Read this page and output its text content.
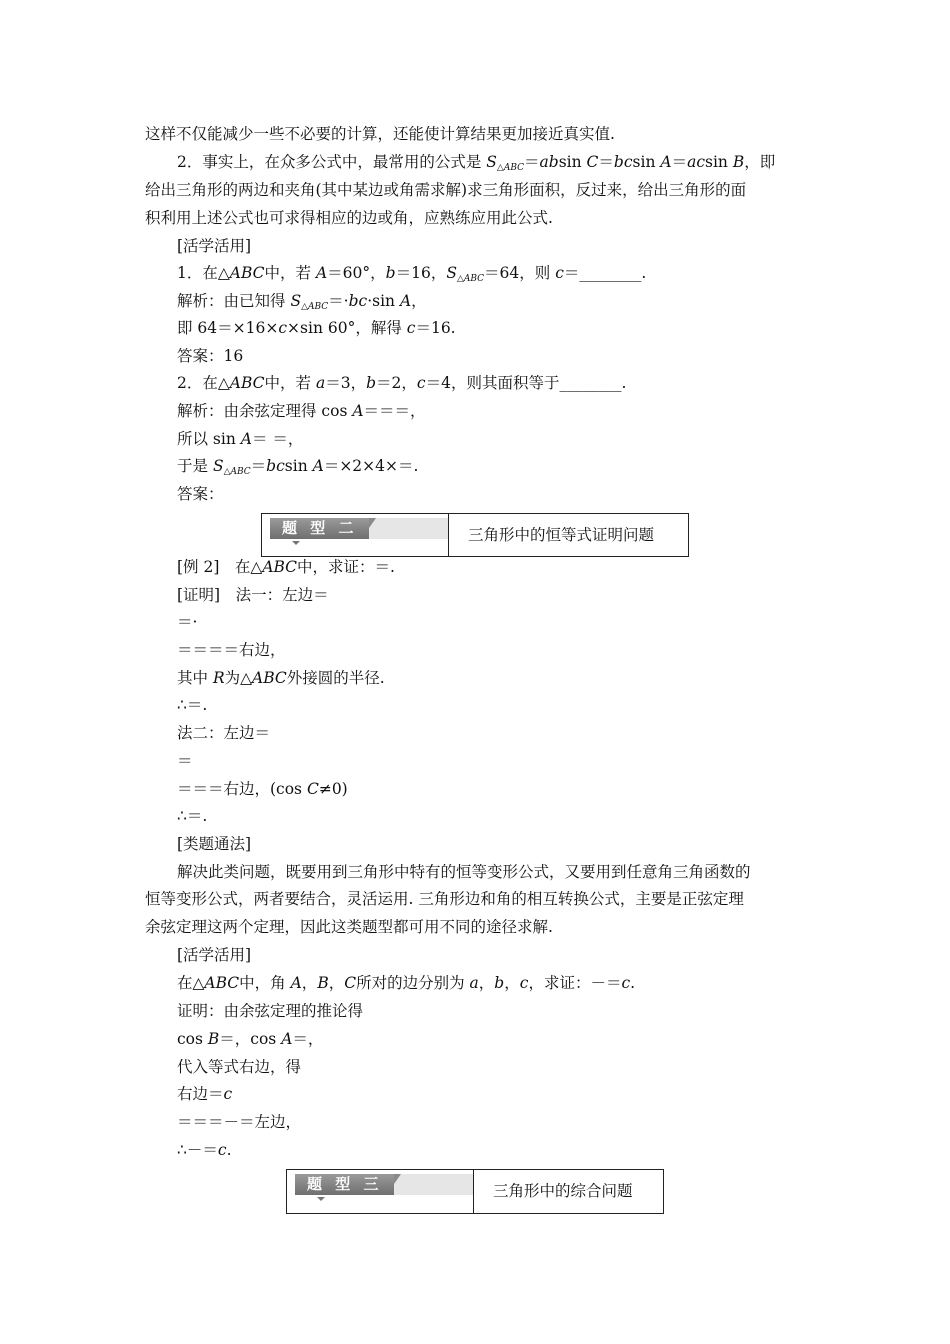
这样不仅能减少一些不必要的计算，还能使计算结果更加接近真实值.
2．事实上，在众多公式中，最常用的公式是 $S_{\triangle ABC}=absin$ C＝bcsin A＝acsin B，即
给出三角形的两边和夹角(其中某边或角需求解)求三角形面积，反过来，给出三角形的面
积利用上述公式也可求得相应的边或角，应熟练应用此公式.
[活学活用]
1．在△ABC中，若 A＝60°，b＝16，$S_{\triangle ABC}=64$，则 c＝________.
解析：由已知得 $S_{\triangle ABC}=\cdot bc\cdot\sin$ A，
即 64＝×16×c×sin 60°，解得 c＝16.
答案：16
2．在△ABC中，若 a＝3，b＝2，c＝4，则其面积等于________.
解析：由余弦定理得 cos A＝＝＝，
所以 sin A＝ ＝，
于是 $S_{\triangle ABC}=bcsin$ A＝×2×4×＝.
答案：
[例 2]　在△ABC中，求证：＝.
[证明]　法一：左边＝
＝·
＝＝＝＝右边，
其中 R为△ABC外接圆的半径.
∴＝.
法二：左边＝
＝
＝＝＝右边，(cos C≠0)
∴＝.
[类题通法]
解决此类问题，既要用到三角形中特有的恒等变形公式，又要用到任意角三角函数的
恒等变形公式，两者要结合，灵活运用. 三角形边和角的相互转换公式，主要是正弦定理
余弦定理这两个定理，因此这类题型都可用不同的途径求解.
[活学活用]
在△ABC中，角 A，B，C所对的边分别为 a，b，c，求证：－＝c.
证明：由余弦定理的推论得
cos B＝，cos A＝，
代入等式右边，得
右边＝c
＝＝＝－＝左边，
∴－＝c.
题 型 二	三角形中的恒等式证明问题
题 型 三	三角形中的综合问题
